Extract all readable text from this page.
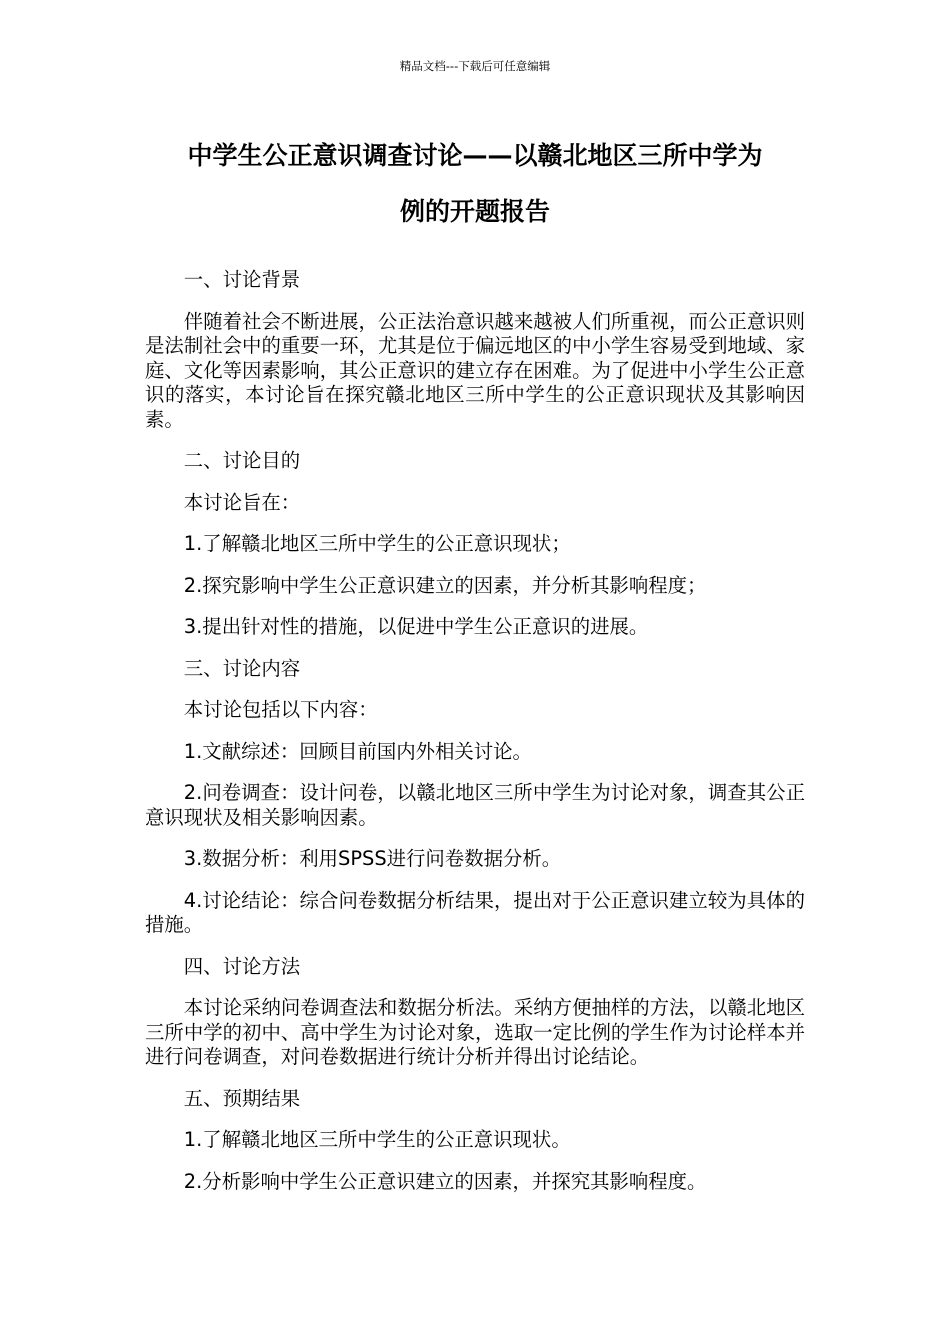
精品文档---下载后可任意编辑
中学生公正意识调查讨论——以赣北地区三所中学为
例的开题报告

一、讨论背景

伴随着社会不断进展，公正法治意识越来越被人们所重视，而公正意识则是法制社会中的重要一环，尤其是位于偏远地区的中小学生容易受到地域、家庭、文化等因素影响，其公正意识的建立存在困难。为了促进中小学生公正意识的落实，本讨论旨在探究赣北地区三所中学生的公正意识现状及其影响因素。

二、讨论目的

本讨论旨在：

1.了解赣北地区三所中学生的公正意识现状；

2.探究影响中学生公正意识建立的因素，并分析其影响程度；

3.提出针对性的措施，以促进中学生公正意识的进展。

三、讨论内容

本讨论包括以下内容：

1.文献综述：回顾目前国内外相关讨论。

2.问卷调查：设计问卷，以赣北地区三所中学生为讨论对象，调查其公正意识现状及相关影响因素。

3.数据分析：利用SPSS进行问卷数据分析。

4.讨论结论：综合问卷数据分析结果，提出对于公正意识建立较为具体的措施。

四、讨论方法

本讨论采纳问卷调查法和数据分析法。采纳方便抽样的方法，以赣北地区三所中学的初中、高中学生为讨论对象，选取一定比例的学生作为讨论样本并进行问卷调查，对问卷数据进行统计分析并得出讨论结论。

五、预期结果

1.了解赣北地区三所中学生的公正意识现状。

2.分析影响中学生公正意识建立的因素，并探究其影响程度。
